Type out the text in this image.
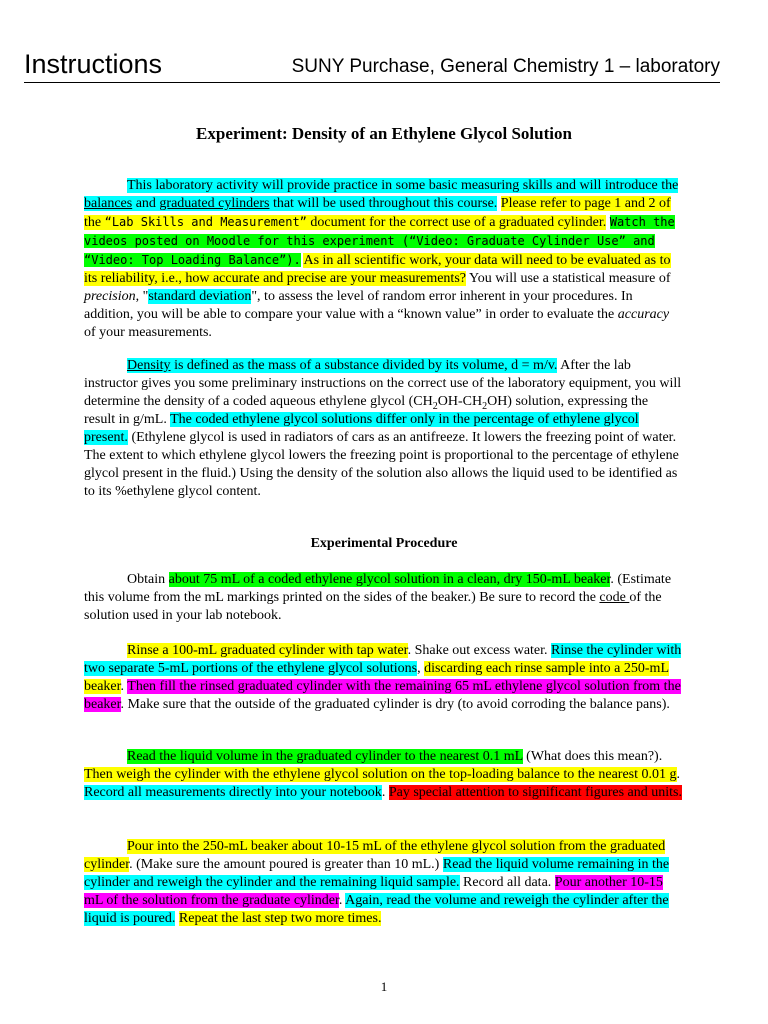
Instructions	SUNY Purchase, General Chemistry 1 – laboratory
Experiment: Density of an Ethylene Glycol Solution

This laboratory activity will provide practice in some basic measuring skills and will introduce the balances and graduated cylinders that will be used throughout this course. Please refer to page 1 and 2 of the “Lab Skills and Measurement” document for the correct use of a graduated cylinder. Watch the videos posted on Moodle for this experiment (“Video: Graduate Cylinder Use” and “Video: Top Loading Balance”). As in all scientific work, your data will need to be evaluated as to its reliability, i.e., how accurate and precise are your measurements? You will use a statistical measure of precision, "standard deviation", to assess the level of random error inherent in your procedures. In addition, you will be able to compare your value with a “known value” in order to evaluate the accuracy of your measurements.

Density is defined as the mass of a substance divided by its volume, d = m/v. After the lab instructor gives you some preliminary instructions on the correct use of the laboratory equipment, you will determine the density of a coded aqueous ethylene glycol $(CH_2OH-CH_2OH)$ solution, expressing the result in g/mL. The coded ethylene glycol solutions differ only in the percentage of ethylene glycol present. (Ethylene glycol is used in radiators of cars as an antifreeze. It lowers the freezing point of water. The extent to which ethylene glycol lowers the freezing point is proportional to the percentage of ethylene glycol present in the fluid.) Using the density of the solution also allows the liquid used to be identified as to its %ethylene glycol content.

Experimental Procedure

Obtain about 75 mL of a coded ethylene glycol solution in a clean, dry 150-mL beaker. (Estimate this volume from the mL markings printed on the sides of the beaker.) Be sure to record the code of the solution used in your lab notebook.

Rinse a 100-mL graduated cylinder with tap water. Shake out excess water. Rinse the cylinder with two separate 5-mL portions of the ethylene glycol solutions, discarding each rinse sample into a 250-mL beaker. Then fill the rinsed graduated cylinder with the remaining 65 mL ethylene glycol solution from the beaker. Make sure that the outside of the graduated cylinder is dry (to avoid corroding the balance pans).

Read the liquid volume in the graduated cylinder to the nearest 0.1 mL (What does this mean?). Then weigh the cylinder with the ethylene glycol solution on the top-loading balance to the nearest 0.01 g. Record all measurements directly into your notebook. Pay special attention to significant figures and units.

Pour into the 250-mL beaker about 10-15 mL of the ethylene glycol solution from the graduated cylinder. (Make sure the amount poured is greater than 10 mL.) Read the liquid volume remaining in the cylinder and reweigh the cylinder and the remaining liquid sample. Record all data. Pour another 10-15 mL of the solution from the graduate cylinder. Again, read the volume and reweigh the cylinder after the liquid is poured. Repeat the last step two more times.

1
